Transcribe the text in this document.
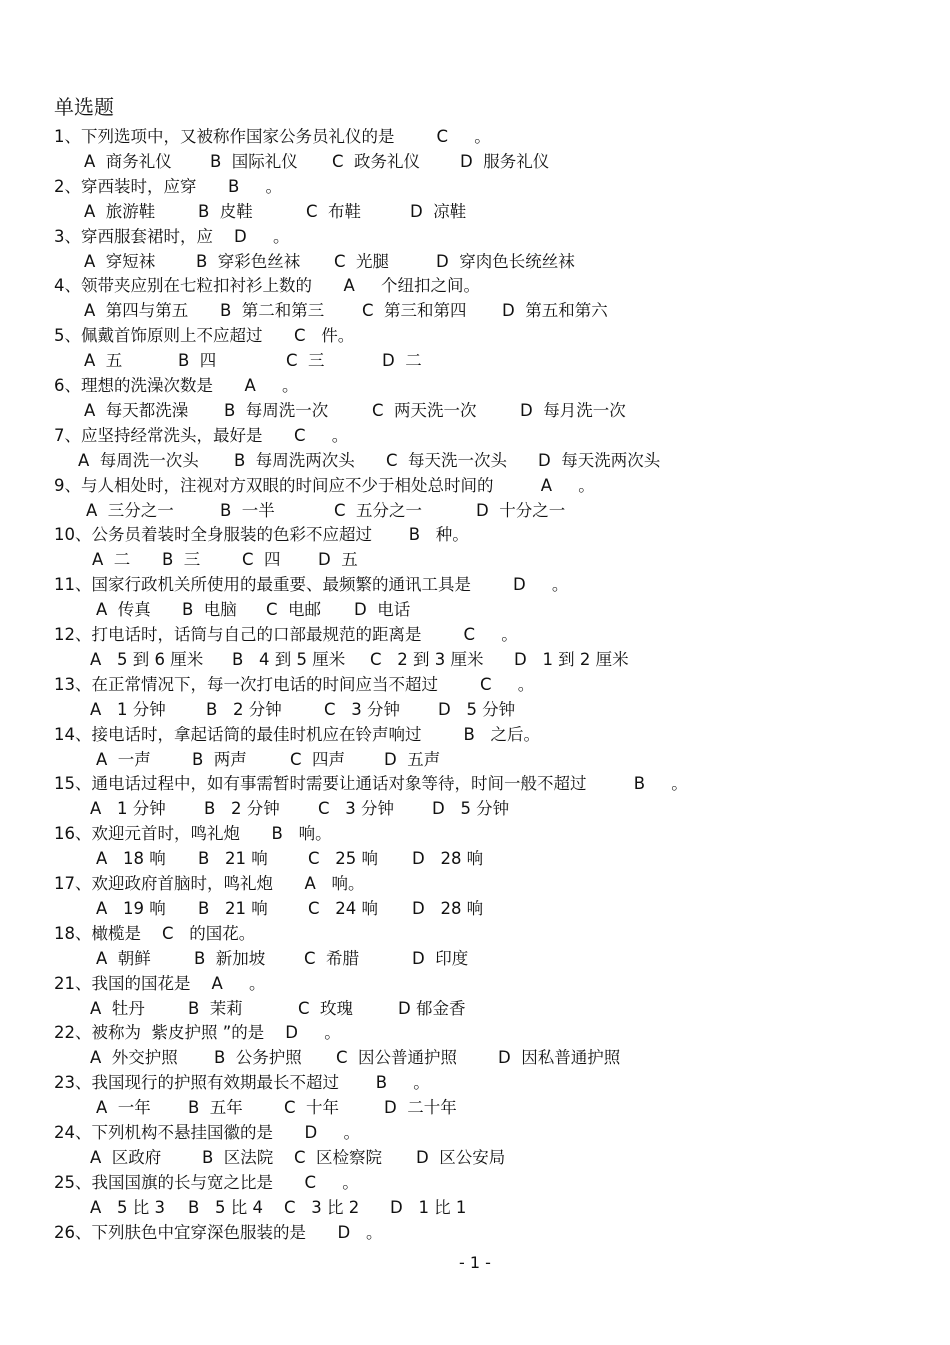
单选题
1、下列选项中，又被称作国家公务员礼仪的是	C 。
A  商务礼仪 B  国际礼仪 C  政务礼仪 D  服务礼仪
2、穿西装时，应穿 B 。
A  旅游鞋	B  皮鞋	C  布鞋	D  凉鞋
3、穿西服套裙时，应 D 。
A  穿短袜 B  穿彩色丝袜 C  光腿	D  穿肉色长统丝袜
4、领带夹应别在七粒扣衬衫上数的 A 个纽扣之间。
A  第四与第五 B  第二和第三 C  第三和第四 D  第五和第六
5、佩戴首饰原则上不应超过 C 件。
A  五	B  四	C  三	D  二
6、理想的洗澡次数是 A 。
A  每天都洗澡 B  每周洗一次	C  两天洗一次	D  每月洗一次
7、应坚持经常洗头，最好是 C 。
A  每周洗一次头 B  每周洗两次头 C  每天洗一次头 D  每天洗两次头
9、与人相处时，注视对方双眼的时间应不少于相处总时间的	A 。
A  三分之一	B  一半	C  五分之一	D  十分之一
10、公务员着装时全身服装的色彩不应超过 B 种。
A  二 B  三	C  四 D  五
11、国家行政机关所使用的最重要、最频繁的通讯工具是	D 。
A  传真 B  电脑 C  电邮 D  电话
12、打电话时，话筒与自己的口部最规范的距离是	C 。
A   5 到 6 厘米 B   4 到 5 厘米 C   2 到 3 厘米 D   1 到 2 厘米
13、在正常情况下，每一次打电话的时间应当不超过	C 。
A   1 分钟 B   2 分钟	C   3 分钟 D   5 分钟
14、接电话时，拿起话筒的最佳时机应在铃声响过	B 之后。
A  一声 B  两声	C  四声 D  五声
15、通电话过程中，如有事需暂时需要让通话对象等待，时间一般不超过	B 。
A   1 分钟 B   2 分钟 C   3 分钟 D   5 分钟
16、欢迎元首时，鸣礼炮 B 响。
A   18 响 B   21 响 C   25 响 D   28 响
17、欢迎政府首脑时，鸣礼炮 A 响。
A   19 响 B   21 响 C   24 响 D   28 响
18、橄榄是 C 的国花。
A  朝鲜	B  新加坡 C  希腊	D  印度
21、我国的国花是 A 。
A  牡丹	B  茉莉	C  玫瑰	D 郁金香
22、被称为  紫皮护照 ”的是 D 。
A  外交护照 B  公务护照 C  因公普通护照 D  因私普通护照
23、我国现行的护照有效期最长不超过 B 。
A  一年 B  五年 C  十年	D  二十年
24、下列机构不悬挂国徽的是 D 。
A  区政府 B  区法院 C  区检察院 D  区公安局
25、我国国旗的长与宽之比是 C 。
A   5 比 3 B   5 比 4 C   3 比 2 D   1 比 1
26、下列肤色中宜穿深色服装的是 D 。
- 1 -
